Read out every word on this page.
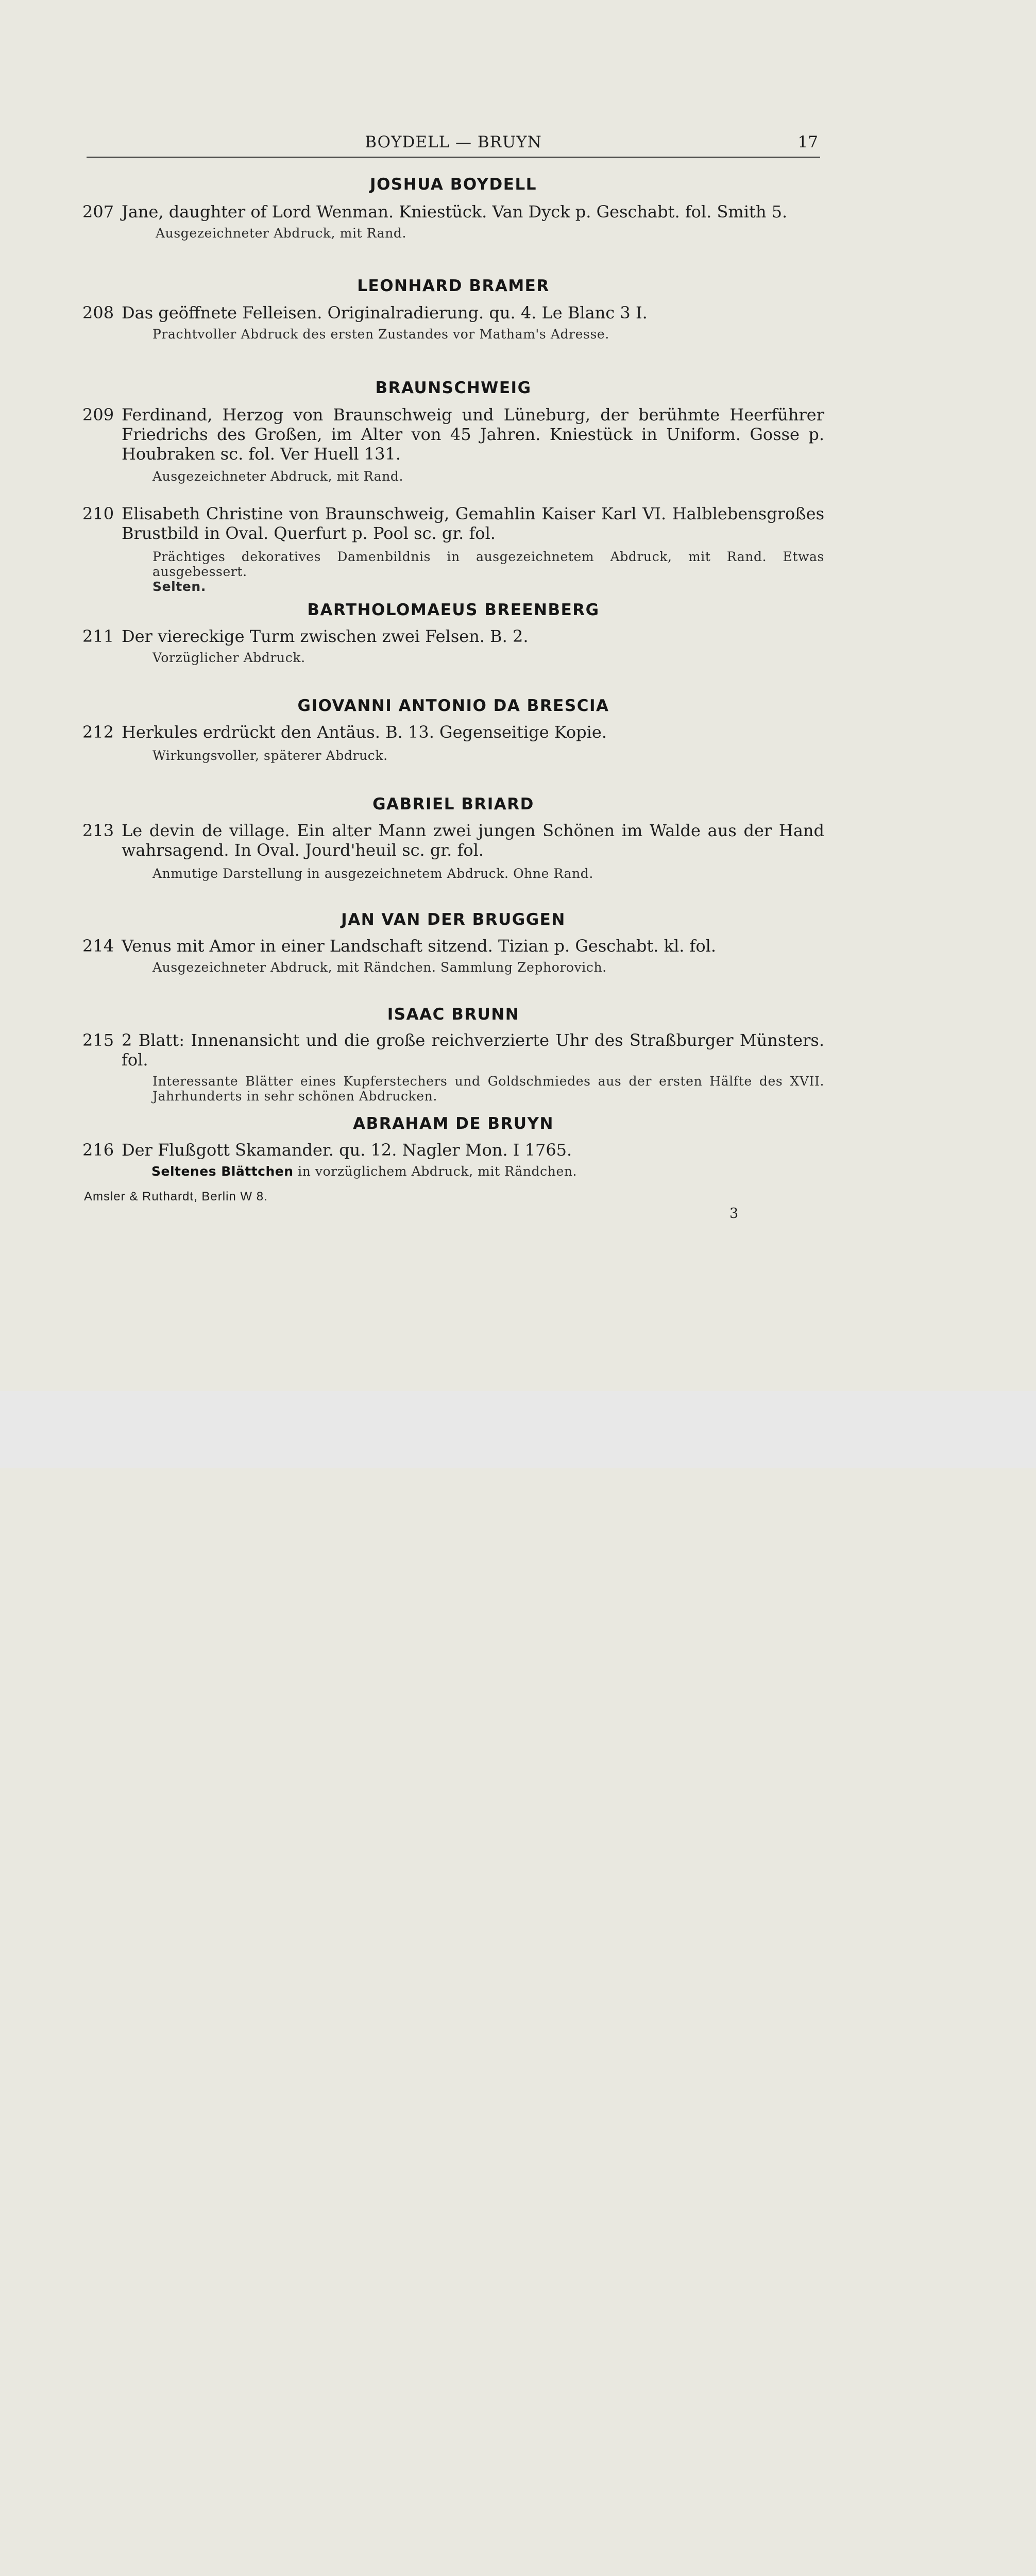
BOYDELL — BRUYN	17
JOSHUA BOYDELL
207 Jane, daughter of Lord Wenman. Kniestück. Van Dyck p. Geschabt. fol. Smith 5.
Ausgezeichneter Abdruck, mit Rand.
LEONHARD BRAMER
208 Das geöffnete Felleisen. Originalradierung. qu. 4. Le Blanc 3 I.
Prachtvoller Abdruck des ersten Zustandes vor Matham's Adresse.
BRAUNSCHWEIG
209 Ferdinand, Herzog von Braunschweig und Lüneburg, der berühmte Heerführer Friedrichs des Großen, im Alter von 45 Jahren. Kniestück in Uniform. Gosse p. Houbraken sc. fol. Ver Huell 131.
Ausgezeichneter Abdruck, mit Rand.
210 Elisabeth Christine von Braunschweig, Gemahlin Kaiser Karl VI. Halblebensgroßes Brustbild in Oval. Querfurt p. Pool sc. gr. fol.
Prächtiges dekoratives Damenbildnis in ausgezeichnetem Abdruck, mit Rand. Etwas ausgebessert.
Selten.
BARTHOLOMAEUS BREENBERG
211 Der viereckige Turm zwischen zwei Felsen. B. 2.
Vorzüglicher Abdruck.
GIOVANNI ANTONIO DA BRESCIA
212 Herkules erdrückt den Antäus. B. 13. Gegenseitige Kopie.
Wirkungsvoller, späterer Abdruck.
GABRIEL BRIARD
213 Le devin de village. Ein alter Mann zwei jungen Schönen im Walde aus der Hand wahrsagend. In Oval. Jourd'heuil sc. gr. fol.
Anmutige Darstellung in ausgezeichnetem Abdruck. Ohne Rand.
JAN VAN DER BRUGGEN
214 Venus mit Amor in einer Landschaft sitzend. Tizian p. Geschabt. kl. fol.
Ausgezeichneter Abdruck, mit Rändchen. Sammlung Zephorovich.
ISAAC BRUNN
215 2 Blatt: Innenansicht und die große reichverzierte Uhr des Straßburger Münsters. fol.
Interessante Blätter eines Kupferstechers und Goldschmiedes aus der ersten Hälfte des XVII. Jahrhunderts in sehr schönen Abdrucken.
ABRAHAM DE BRUYN
216 Der Flußgott Skamander. qu. 12. Nagler Mon. I 1765.
Seltenes Blättchen in vorzüglichem Abdruck, mit Rändchen.
Amsler & Ruthardt, Berlin W 8.
3
